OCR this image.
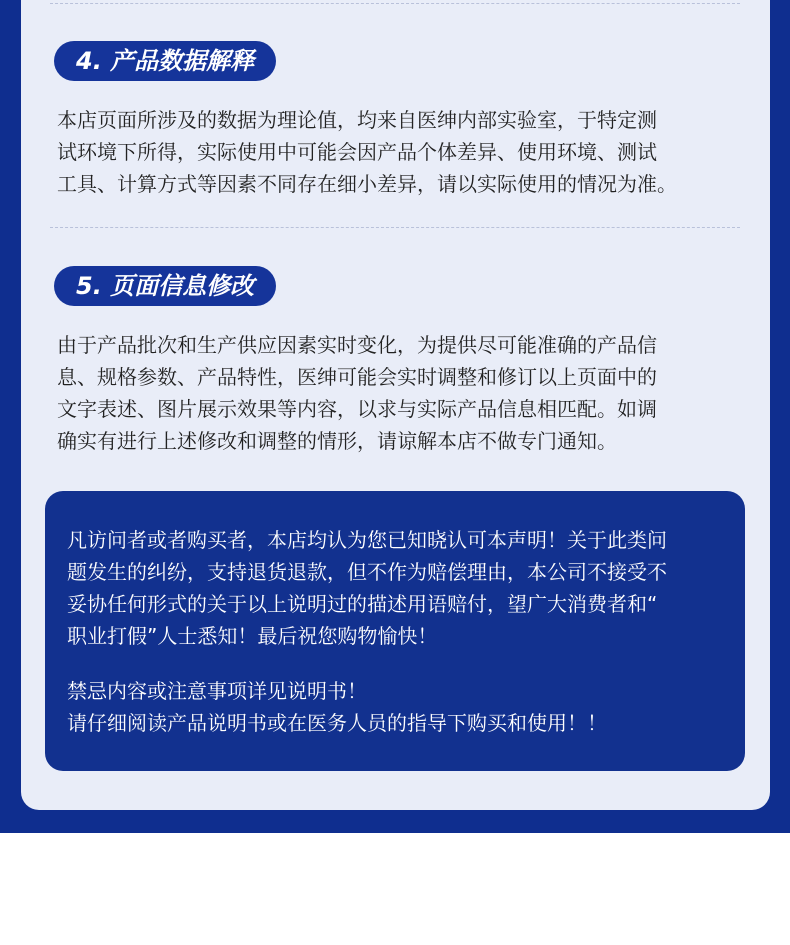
4. 产品数据解释

本店页面所涉及的数据为理论值，均来自医绅内部实验室，于特定测

试环境下所得，实际使用中可能会因产品个体差异、使用环境、测试

工具、计算方式等因素不同存在细小差异，请以实际使用的情况为准。

5. 页面信息修改

由于产品批次和生产供应因素实时变化，为提供尽可能准确的产品信

息、规格参数、产品特性，医绅可能会实时调整和修订以上页面中的

文字表述、图片展示效果等内容，以求与实际产品信息相匹配。如调

确实有进行上述修改和调整的情形，请谅解本店不做专门通知。

凡访问者或者购买者，本店均认为您已知晓认可本声明！关于此类问

题发生的纠纷，支持退货退款，但不作为赔偿理由，本公司不接受不

妥协任何形式的关于以上说明过的描述用语赔付，望广大消费者和“

职业打假”人士悉知！最后祝您购物愉快！

禁忌内容或注意事项详见说明书！

请仔细阅读产品说明书或在医务人员的指导下购买和使用！！
